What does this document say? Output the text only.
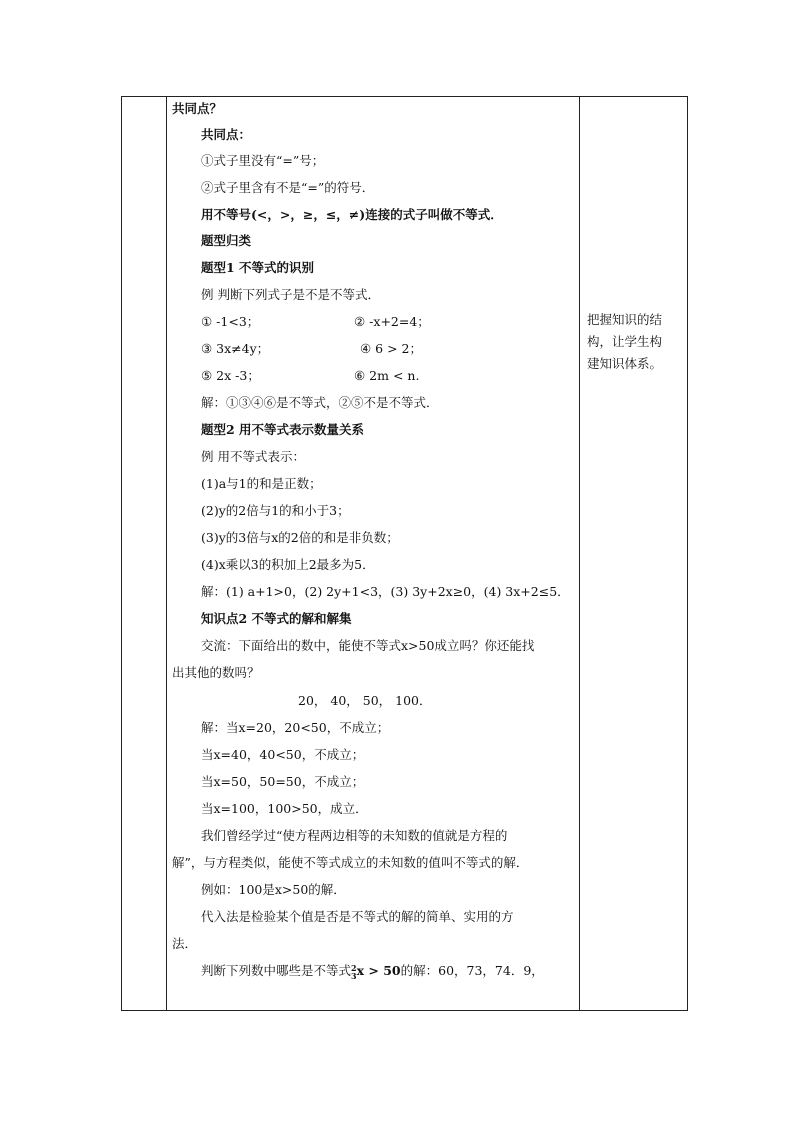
共同点？
共同点：
①式子里没有“=”号；
②式子里含有不是“=”的符号．
用不等号(<，>，≥，≤，≠)连接的式子叫做不等式．
题型归类
题型1 不等式的识别
例 判断下列式子是不是不等式．
① -1<3；	② -x+2=4；
③ 3x≠4y；	④ 6 > 2；
⑤ 2x -3；	⑥ 2m < n.
解：①③④⑥是不等式，②⑤不是不等式．
题型2 用不等式表示数量关系
例 用不等式表示：
(1)a与1的和是正数；
(2)y的2倍与1的和小于3；
(3)y的3倍与x的2倍的和是非负数；
(4)x乘以3的积加上2最多为5．
解：(1) a+1>0，(2) 2y+1<3，(3) 3y+2x≥0，(4) 3x+2≤5．
知识点2 不等式的解和解集
交流：下面给出的数中，能使不等式x>50成立吗？你还能找
出其他的数吗？
20， 40， 50， 100．
解：当x=20，20<50，不成立；
当x=40，40<50，不成立；
当x=50，50=50，不成立；
当x=100，100>50，成立．
我们曾经学过“使方程两边相等的未知数的值就是方程的
解”，与方程类似，能使不等式成立的未知数的值叫不等式的解．
例如：100是x>50的解．
代入法是检验某个值是否是不等式的解的简单、实用的方
法．
判断下列数中哪些是不等式 2
3 x > 50的解：60，73，74．9，
把握知识的结
构，让学生构
建知识体系。
